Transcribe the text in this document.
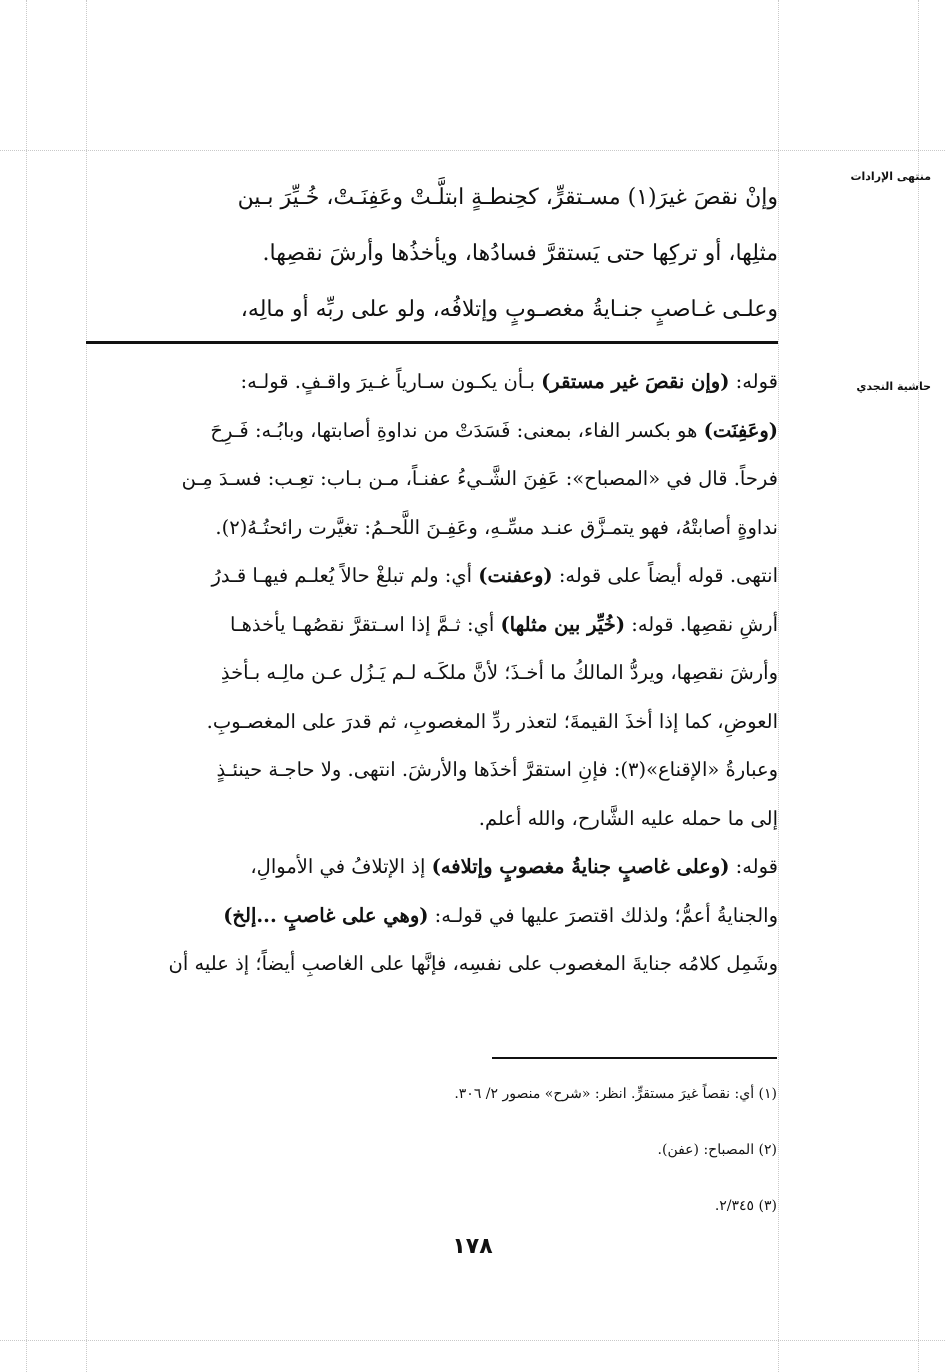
منتهى الإرادات
حاشية النجدي
وإنْ نقصَ غيرَ(١) مسـتقرٍّ، كحِنطـةٍ ابتلَّـتْ وعَفِنَـتْ، خُـيِّرَ بـين
مثلِها، أو تركِها حتى يَستقرَّ فسادُها، ويأخذُها وأرشَ نقصِها.
وعلـى غـاصبٍ جنـايةُ مغصـوبٍ وإتلافُه، ولو على ربِّه أو مالِه،
قوله: (وإن نقصَ غير مستقر) بـأن يكـون سـارياً غـيرَ واقـفٍ. قولـه:
(وعَفِنَت) هو بكسر الفاء، بمعنى: فَسَدَتْ من نداوةِ أصابتها، وبابُـه: فَـرِحَ
فرحاً. قال في «المصباح»: عَفِنَ الشَّـيءُ عفنـاً، مـن بـاب: تعِـب: فسـدَ مِـن
نداوةٍ أصابتْهُ، فهو يتمـزَّق عنـد مسِّـهِ، وعَفِـنَ اللَّحـمُ: تغيَّرت رائحتُـهُ(٢).
انتهى. قوله أيضاً على قوله: (وعفنت) أي: ولم تبلغْ حالاً يُعلـم فيهـا قـدرُ
أرشِ نقصِها. قوله: (خُيِّر بين مثلها) أي: ثـمَّ إذا اسـتقرَّ نقصُهـا يأخذهـا
وأرشَ نقصِها، ويردُّ المالكُ ما أخـذَ؛ لأنَّ ملكَـه لـم يَـزُل عـن مالِـه بـأخذِ
العوضِ، كما إذا أخذَ القيمةَ؛ لتعذر ردِّ المغصوبِ، ثم قدرَ على المغصـوبِ.
وعبارةُ «الإقناع»(٣): فإنِ استقرَّ أخذَها والأرشَ. انتهى. ولا حاجـة حينئـذٍ
إلى ما حمله عليه الشَّارح، والله أعلم.
قوله: (وعلى غاصبٍ جنايةُ مغصوبٍ وإتلافه) إذ الإتلافُ في الأموالِ،
والجنايةُ أعمُّ؛ ولذلك اقتصرَ عليها في قولـه: (وهي على غاصبٍ ...إلخ)
وشَمِل كلامُه جنايةَ المغصوب على نفسِه، فإنَّها على الغاصبِ أيضاً؛ إذ عليه أن
(١) أي: نقصاً غيرَ مستقرٍّ. انظر: «شرح» منصور ٢/ ٣٠٦.
(٢) المصباح: (عفن).
(٣) ٢/٣٤٥.
١٧٨
